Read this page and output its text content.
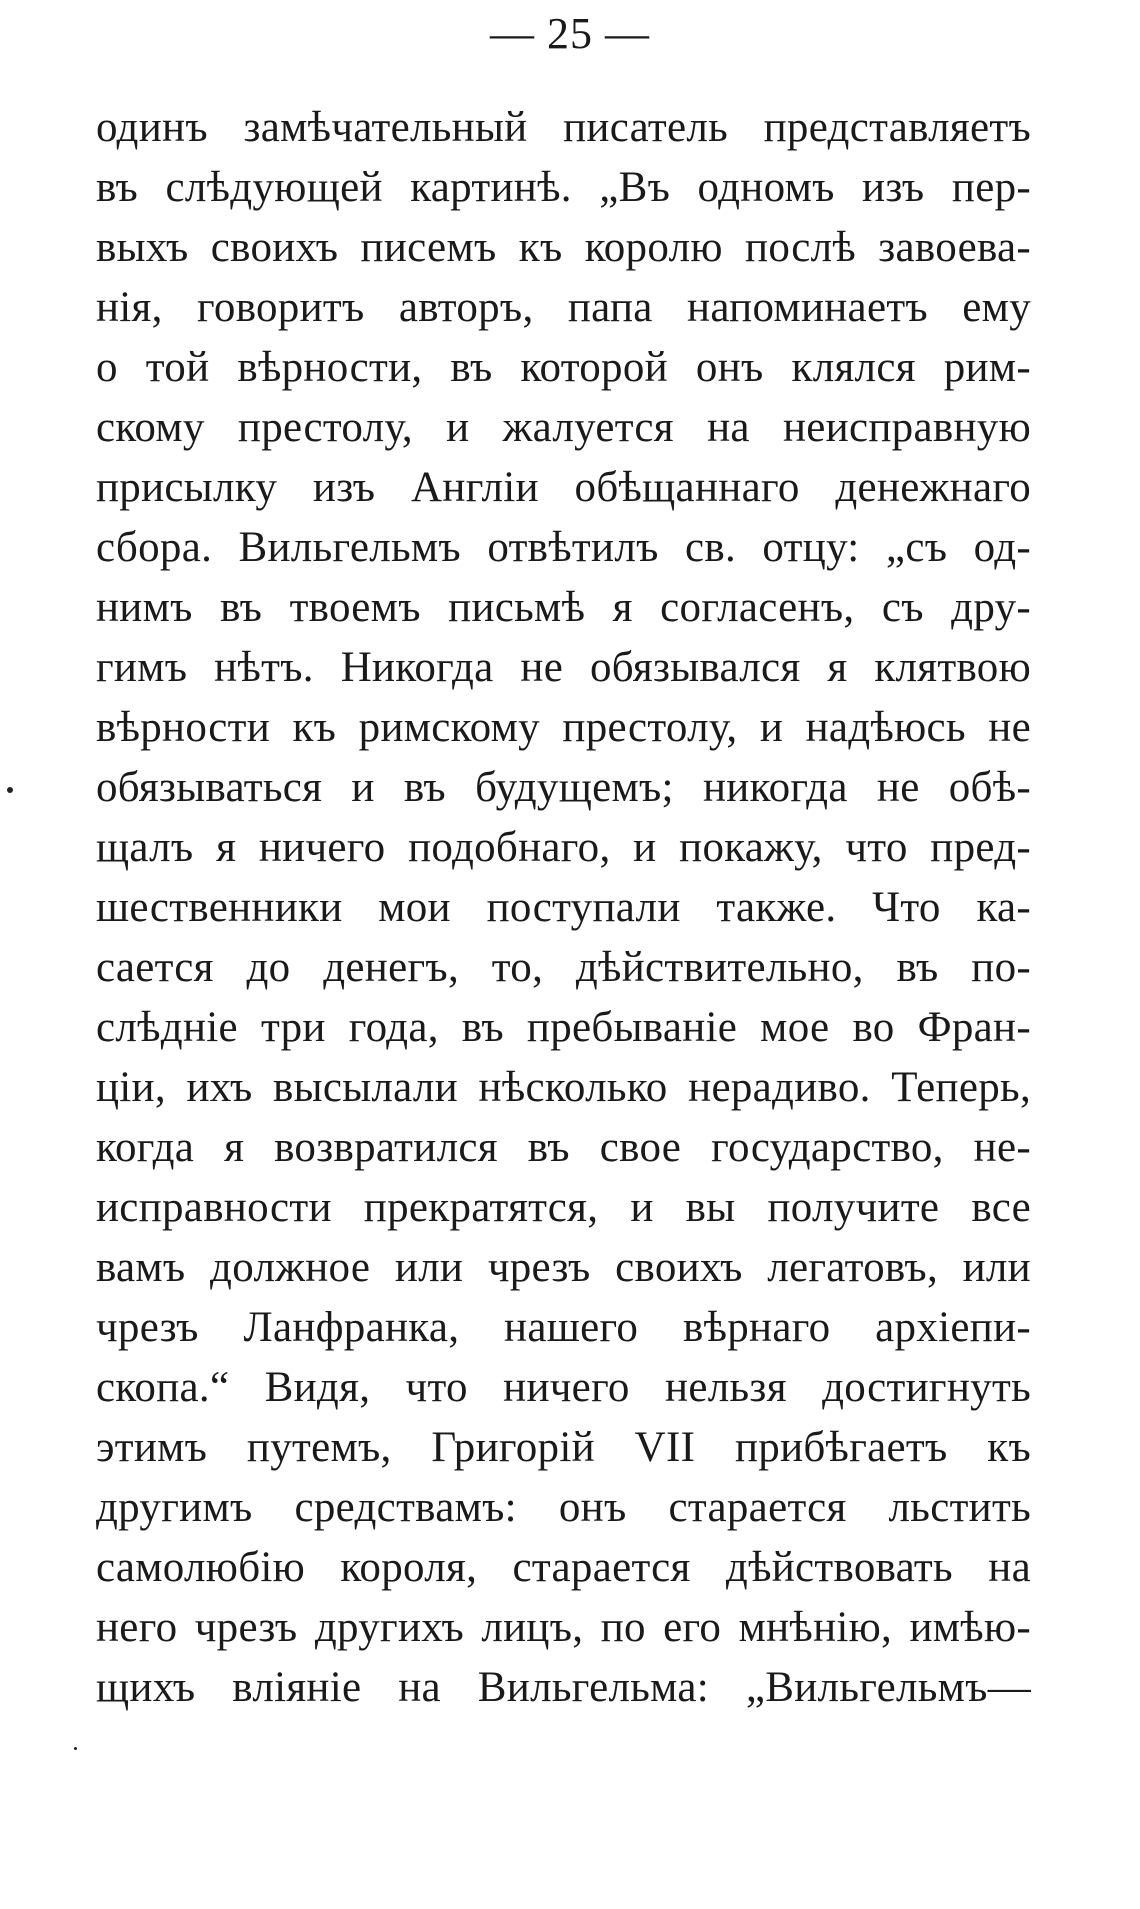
— 25 —
одинъ замѣчательный писатель представляетъ
въ слѣдующей картинѣ. „Въ одномъ изъ пер-
выхъ своихъ писемъ къ королю послѣ завоева-
нія, говоритъ авторъ, папа напоминаетъ ему
о той вѣрности, въ которой онъ клялся рим-
скому престолу, и жалуется на неисправную
присылку изъ Англіи обѣщаннаго денежнаго
сбора. Вильгельмъ отвѣтилъ св. отцу: „съ од-
нимъ въ твоемъ письмѣ я согласенъ, съ дру-
гимъ нѣтъ. Никогда не обязывался я клятвою
вѣрности къ римскому престолу, и надѣюсь не
обязываться и въ будущемъ; никогда не обѣ-
щалъ я ничего подобнаго, и покажу, что пред-
шественники мои поступали также. Что ка-
сается до денегъ, то, дѣйствительно, въ по-
слѣдніе три года, въ пребываніе мое во Фран-
ціи, ихъ высылали нѣсколько нерадиво. Теперь,
когда я возвратился въ свое государство, не-
исправности прекратятся, и вы получите все
вамъ должное или чрезъ своихъ легатовъ, или
чрезъ Ланфранка, нашего вѣрнаго архіепи-
скопа.“ Видя, что ничего нельзя достигнуть
этимъ путемъ, Григорій VII прибѣгаетъ къ
другимъ средствамъ: онъ старается льстить
самолюбію короля, старается дѣйствовать на
него чрезъ другихъ лицъ, по его мнѣнію, имѣю-
щихъ вліяніе на Вильгельма: „Вильгельмъ—
